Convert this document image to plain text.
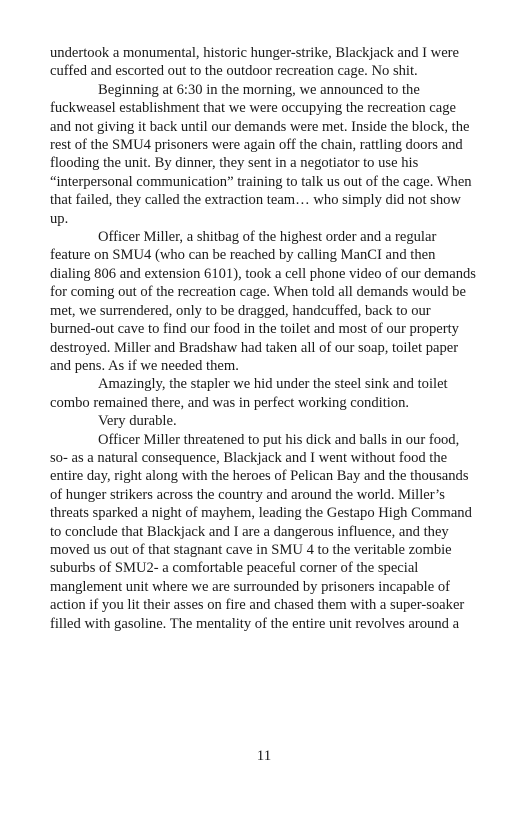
undertook a monumental, historic hunger-strike, Blackjack and I were cuffed and escorted out to the outdoor recreation cage. No shit.

Beginning at 6:30 in the morning, we announced to the fuckweasel establishment that we were occupying the recreation cage and not giving it back until our demands were met. Inside the block, the rest of the SMU4 prisoners were again off the chain, rattling doors and flooding the unit. By dinner, they sent in a negotiator to use his “interpersonal communication” training to talk us out of the cage. When that failed, they called the extraction team… who simply did not show up.

Officer Miller, a shitbag of the highest order and a regular feature on SMU4 (who can be reached by calling ManCI and then dialing 806 and extension 6101), took a cell phone video of our demands for coming out of the recreation cage. When told all demands would be met, we surrendered, only to be dragged, handcuffed, back to our burned-out cave to find our food in the toilet and most of our property destroyed. Miller and Bradshaw had taken all of our soap, toilet paper and pens. As if we needed them.

Amazingly, the stapler we hid under the steel sink and toilet combo remained there, and was in perfect working condition.

Very durable.

Officer Miller threatened to put his dick and balls in our food, so- as a natural consequence, Blackjack and I went without food the entire day, right along with the heroes of Pelican Bay and the thousands of hunger strikers across the country and around the world. Miller’s threats sparked a night of mayhem, leading the Gestapo High Command to conclude that Blackjack and I are a dangerous influence, and they moved us out of that stagnant cave in SMU 4 to the veritable zombie suburbs of SMU2- a comfortable peaceful corner of the special manglement unit where we are surrounded by prisoners incapable of action if you lit their asses on fire and chased them with a super-soaker filled with gasoline. The mentality of the entire unit revolves around a

11
